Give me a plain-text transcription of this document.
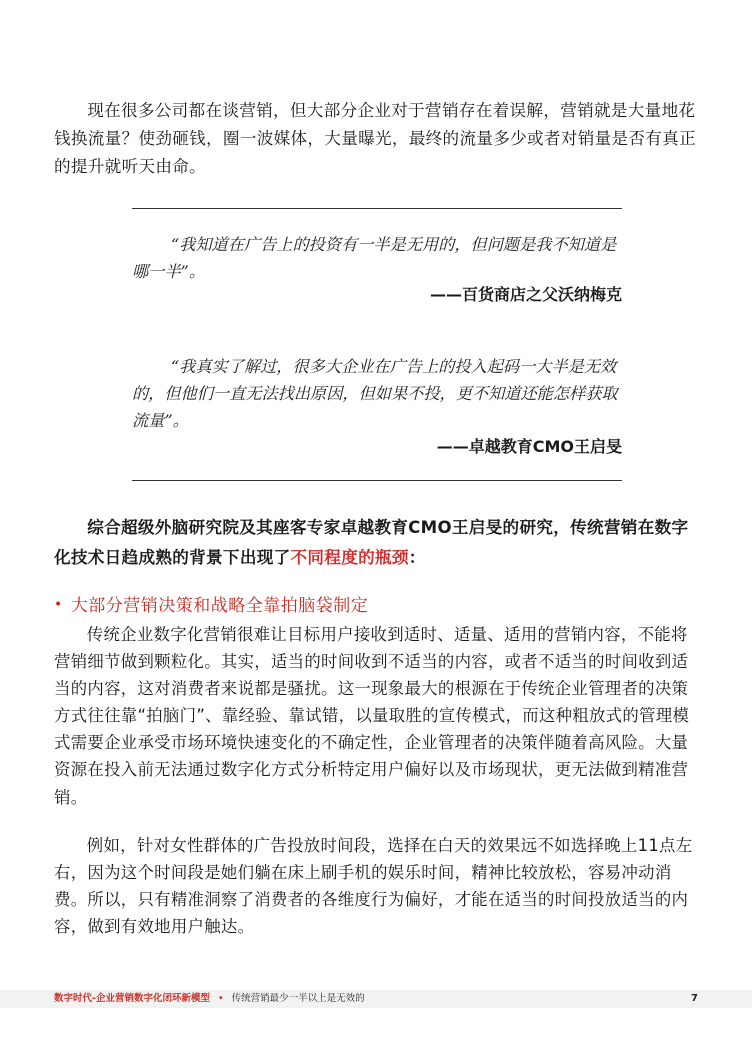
现在很多公司都在谈营销，但大部分企业对于营销存在着误解，营销就是大量地花钱换流量？使劲砸钱，圈一波媒体，大量曝光，最终的流量多少或者对销量是否有真正的提升就听天由命。

“我知道在广告上的投资有一半是无用的，但问题是我不知道是哪一半”。

——百货商店之父沃纳梅克

“我真实了解过，很多大企业在广告上的投入起码一大半是无效的，但他们一直无法找出原因，但如果不投，更不知道还能怎样获取流量”。

——卓越教育CMO王启旻

综合超级外脑研究院及其座客专家卓越教育CMO王启旻的研究，传统营销在数字化技术日趋成熟的背景下出现了不同程度的瓶颈：

• 大部分营销决策和战略全靠拍脑袋制定

传统企业数字化营销很难让目标用户接收到适时、适量、适用的营销内容，不能将营销细节做到颗粒化。其实，适当的时间收到不适当的内容，或者不适当的时间收到适当的内容，这对消费者来说都是骚扰。这一现象最大的根源在于传统企业管理者的决策方式往往靠“拍脑门”、靠经验、靠试错，以量取胜的宣传模式，而这种粗放式的管理模式需要企业承受市场环境快速变化的不确定性，企业管理者的决策伴随着高风险。大量资源在投入前无法通过数字化方式分析特定用户偏好以及市场现状，更无法做到精准营销。

例如，针对女性群体的广告投放时间段，选择在白天的效果远不如选择晚上11点左右，因为这个时间段是她们躺在床上刷手机的娱乐时间，精神比较放松，容易冲动消费。所以，只有精准洞察了消费者的各维度行为偏好，才能在适当的时间投放适当的内容，做到有效地用户触达。

数字时代-企业营销数字化闭环新模型 • 传统营销最少一半以上是无效的	7
